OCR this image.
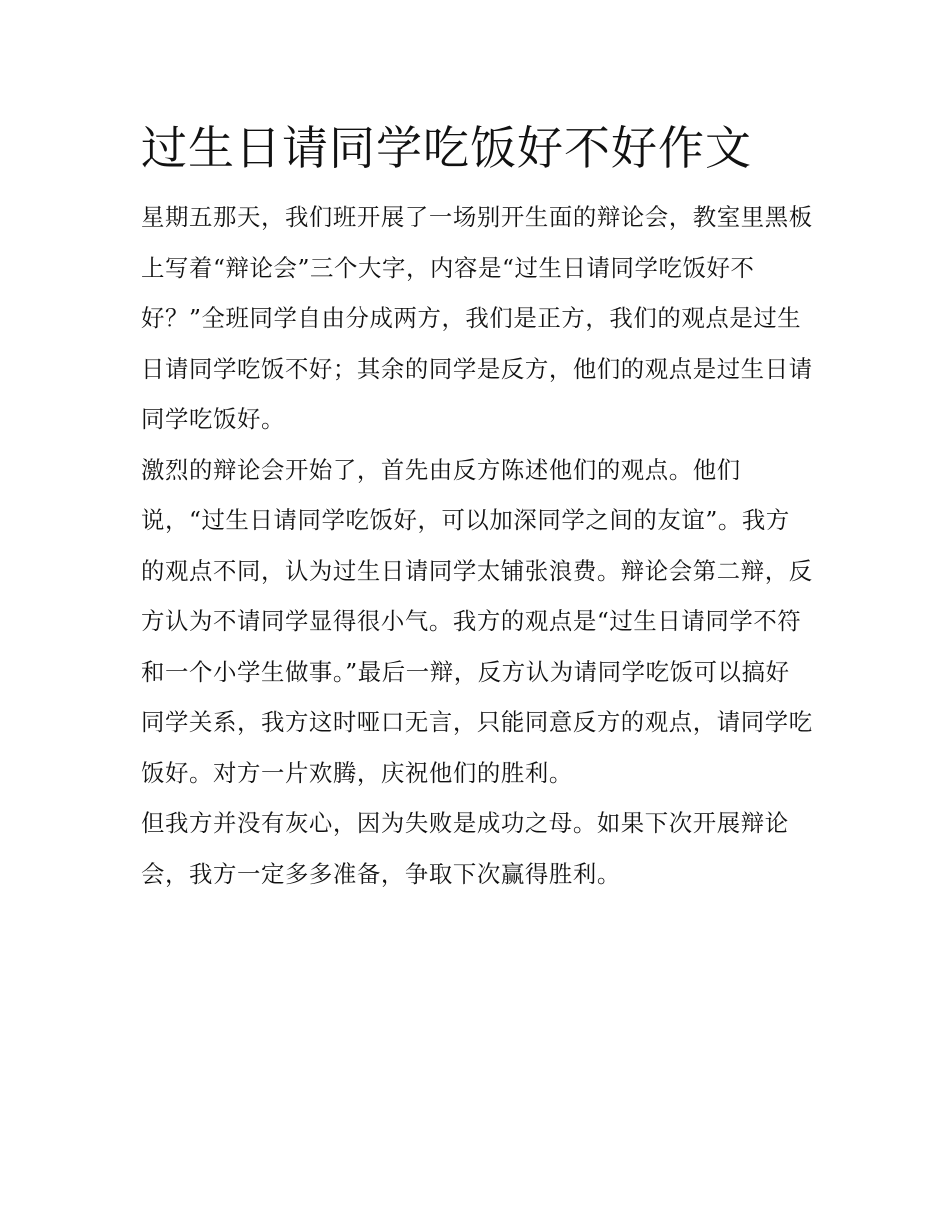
过生日请同学吃饭好不好作文

星期五那天，我们班开展了一场别开生面的辩论会，教室里黑板上写着“辩论会”三个大字，内容是“过生日请同学吃饭好不好？”全班同学自由分成两方，我们是正方，我们的观点是过生日请同学吃饭不好；其余的同学是反方，他们的观点是过生日请同学吃饭好。

激烈的辩论会开始了，首先由反方陈述他们的观点。他们说，“过生日请同学吃饭好，可以加深同学之间的友谊”。我方的观点不同，认为过生日请同学太铺张浪费。辩论会第二辩，反方认为不请同学显得很小气。我方的观点是“过生日请同学不符和一个小学生做事。”最后一辩，反方认为请同学吃饭可以搞好同学关系，我方这时哑口无言，只能同意反方的观点，请同学吃饭好。对方一片欢腾，庆祝他们的胜利。

但我方并没有灰心，因为失败是成功之母。如果下次开展辩论会，我方一定多多准备，争取下次赢得胜利。
